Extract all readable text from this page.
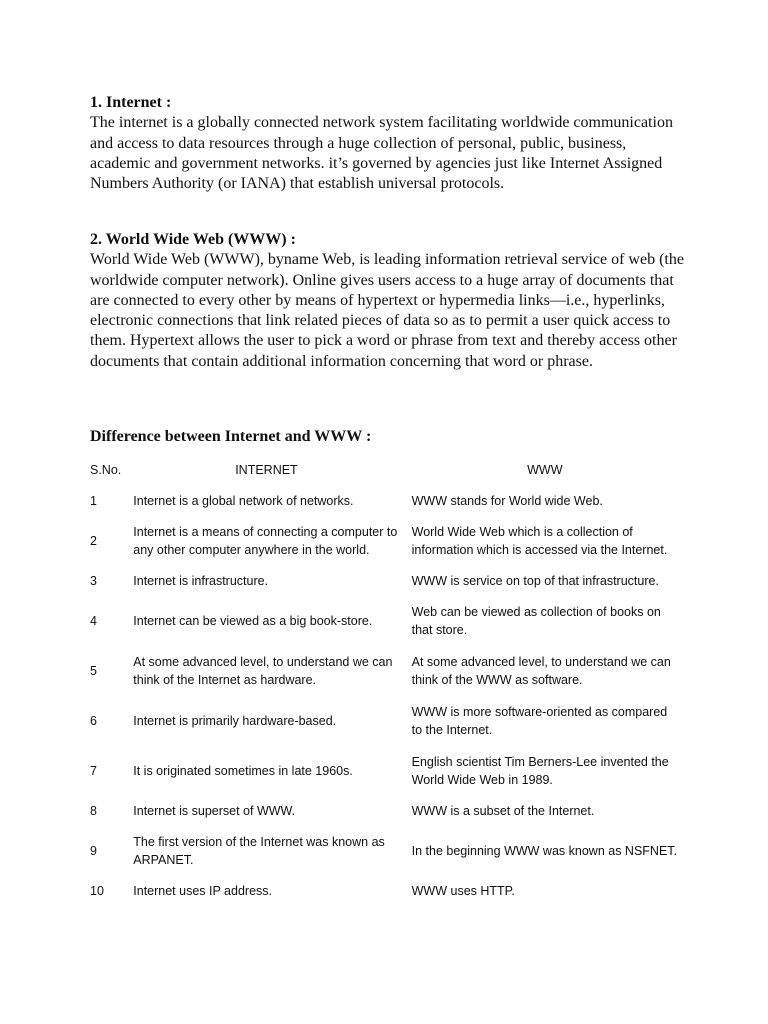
1. Internet :

The internet is a globally connected network system facilitating worldwide communication and access to data resources through a huge collection of personal, public, business, academic and government networks. it’s governed by agencies just like Internet Assigned Numbers Authority (or IANA) that establish universal protocols.

2. World Wide Web (WWW) :

World Wide Web (WWW), byname Web, is leading information retrieval service of web (the worldwide computer network). Online gives users access to a huge array of documents that are connected to every other by means of hypertext or hypermedia links—i.e., hyperlinks, electronic connections that link related pieces of data so as to permit a user quick access to them. Hypertext allows the user to pick a word or phrase from text and thereby access other documents that contain additional information concerning that word or phrase.

Difference between Internet and WWW :
S.No.	INTERNET	WWW
1	Internet is a global network of networks.	WWW stands for World wide Web.
2	Internet is a means of connecting a computer to any other computer anywhere in the world.	World Wide Web which is a collection of information which is accessed via the Internet.
3	Internet is infrastructure.	WWW is service on top of that infrastructure.
4	Internet can be viewed as a big book-store.	Web can be viewed as collection of books on that store.
5	At some advanced level, to understand we can think of the Internet as hardware.	At some advanced level, to understand we can think of the WWW as software.
6	Internet is primarily hardware-based.	WWW is more software-oriented as compared to the Internet.
7	It is originated sometimes in late 1960s.	English scientist Tim Berners-Lee invented the World Wide Web in 1989.
8	Internet is superset of WWW.	WWW is a subset of the Internet.
9	The first version of the Internet was known as ARPANET.	In the beginning WWW was known as NSFNET.
10	Internet uses IP address.	WWW uses HTTP.
